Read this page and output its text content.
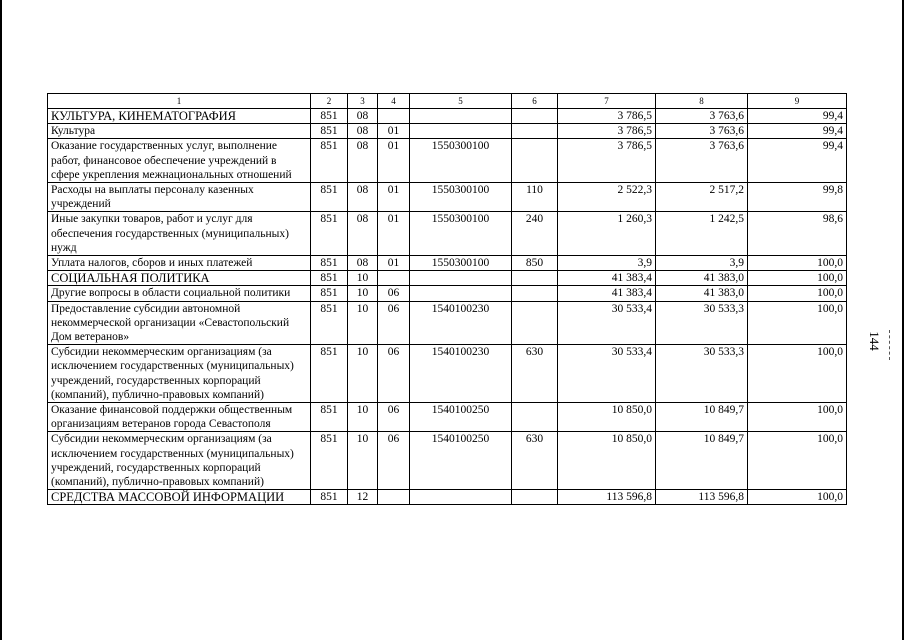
1	2	3	4	5	6	7	8	9
КУЛЬТУРА, КИНЕМАТОГРАФИЯ	851	08				3 786,5	3 763,6	99,4
Культура	851	08	01			3 786,5	3 763,6	99,4
Оказание государственных услуг, выполнение работ, финансовое обеспечение учреждений в сфере укрепления межнациональных отношений	851	08	01	1550300100		3 786,5	3 763,6	99,4
Расходы на выплаты персоналу казенных учреждений	851	08	01	1550300100	110	2 522,3	2 517,2	99,8
Иные закупки товаров, работ и услуг для обеспечения государственных (муниципальных) нужд	851	08	01	1550300100	240	1 260,3	1 242,5	98,6
Уплата налогов, сборов и иных платежей	851	08	01	1550300100	850	3,9	3,9	100,0
СОЦИАЛЬНАЯ ПОЛИТИКА	851	10				41 383,4	41 383,0	100,0
Другие вопросы в области социальной политики	851	10	06			41 383,4	41 383,0	100,0
Предоставление субсидии автономной некоммерческой организации «Севастопольский Дом ветеранов»	851	10	06	1540100230		30 533,4	30 533,3	100,0
Субсидии некоммерческим организациям (за исключением государственных (муниципальных) учреждений, государственных корпораций (компаний), публично-правовых компаний)	851	10	06	1540100230	630	30 533,4	30 533,3	100,0
Оказание финансовой поддержки общественным организациям ветеранов города Севастополя	851	10	06	1540100250		10 850,0	10 849,7	100,0
Субсидии некоммерческим организациям (за исключением государственных (муниципальных) учреждений, государственных корпораций (компаний), публично-правовых компаний)	851	10	06	1540100250	630	10 850,0	10 849,7	100,0
СРЕДСТВА МАССОВОЙ ИНФОРМАЦИИ	851	12				113 596,8	113 596,8	100,0
144
